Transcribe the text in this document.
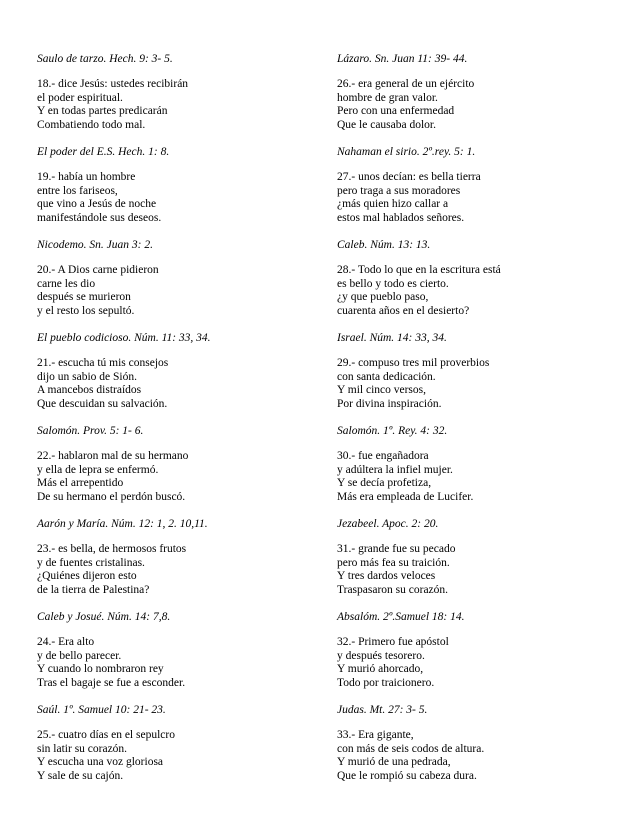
Saulo de tarzo. Hech. 9: 3- 5.
18.- dice Jesús: ustedes recibirán
el poder espiritual.
Y en todas partes predicarán
Combatiendo todo mal.
El poder del E.S. Hech. 1: 8.
19.- había un hombre
entre los fariseos,
que vino a Jesús de noche
manifestándole sus deseos.
Nicodemo. Sn. Juan 3: 2.
20.- A Dios carne pidieron
carne les dio
después se murieron
y el resto los sepultó.
El pueblo codicioso. Núm. 11: 33, 34.
21.- escucha tú mis consejos
dijo un sabio de Sión.
A mancebos distraídos
Que descuidan su salvación.
Salomón. Prov. 5: 1- 6.
22.- hablaron mal de su hermano
y ella de lepra se enfermó.
Más el arrepentido
De su hermano el perdón buscó.
Aarón y María. Núm. 12: 1, 2. 10,11.
23.- es bella, de hermosos frutos
y de fuentes cristalinas.
¿Quiénes dijeron esto
de la tierra de Palestina?
Caleb y Josué. Núm. 14: 7,8.
24.- Era alto
y de bello parecer.
Y cuando lo nombraron rey
Tras el bagaje se fue a esconder.
Saúl. 1º. Samuel 10: 21- 23.
25.- cuatro días en el sepulcro
sin latir su corazón.
Y escucha una voz gloriosa
Y sale de su cajón.
Lázaro. Sn. Juan 11: 39- 44.
26.- era general de un ejército
hombre de gran valor.
Pero con una enfermedad
Que le causaba dolor.
Nahaman el sirio. 2º.rey. 5: 1.
27.- unos decían: es bella tierra
pero traga a sus moradores
¿más quien hizo callar a
estos mal hablados señores.
Caleb. Núm. 13: 13.
28.- Todo lo que en la escritura está
es bello y todo es cierto.
¿y que pueblo paso,
cuarenta años en el desierto?
Israel. Núm. 14: 33, 34.
29.- compuso tres mil proverbios
con santa dedicación.
Y mil cinco versos,
Por divina inspiración.
Salomón. 1º. Rey. 4: 32.
30.- fue engañadora
y adúltera la infiel mujer.
Y se decía profetiza,
Más era empleada de Lucifer.
Jezabeel. Apoc. 2: 20.
31.- grande fue su pecado
pero más fea su traición.
Y tres dardos veloces
Traspasaron su corazón.
Absalóm. 2º.Samuel 18: 14.
32.- Primero fue apóstol
y después tesorero.
Y murió ahorcado,
Todo por traicionero.
Judas. Mt. 27: 3- 5.
33.- Era gigante,
con más de seis codos de altura.
Y murió de una pedrada,
Que le rompió su cabeza dura.
